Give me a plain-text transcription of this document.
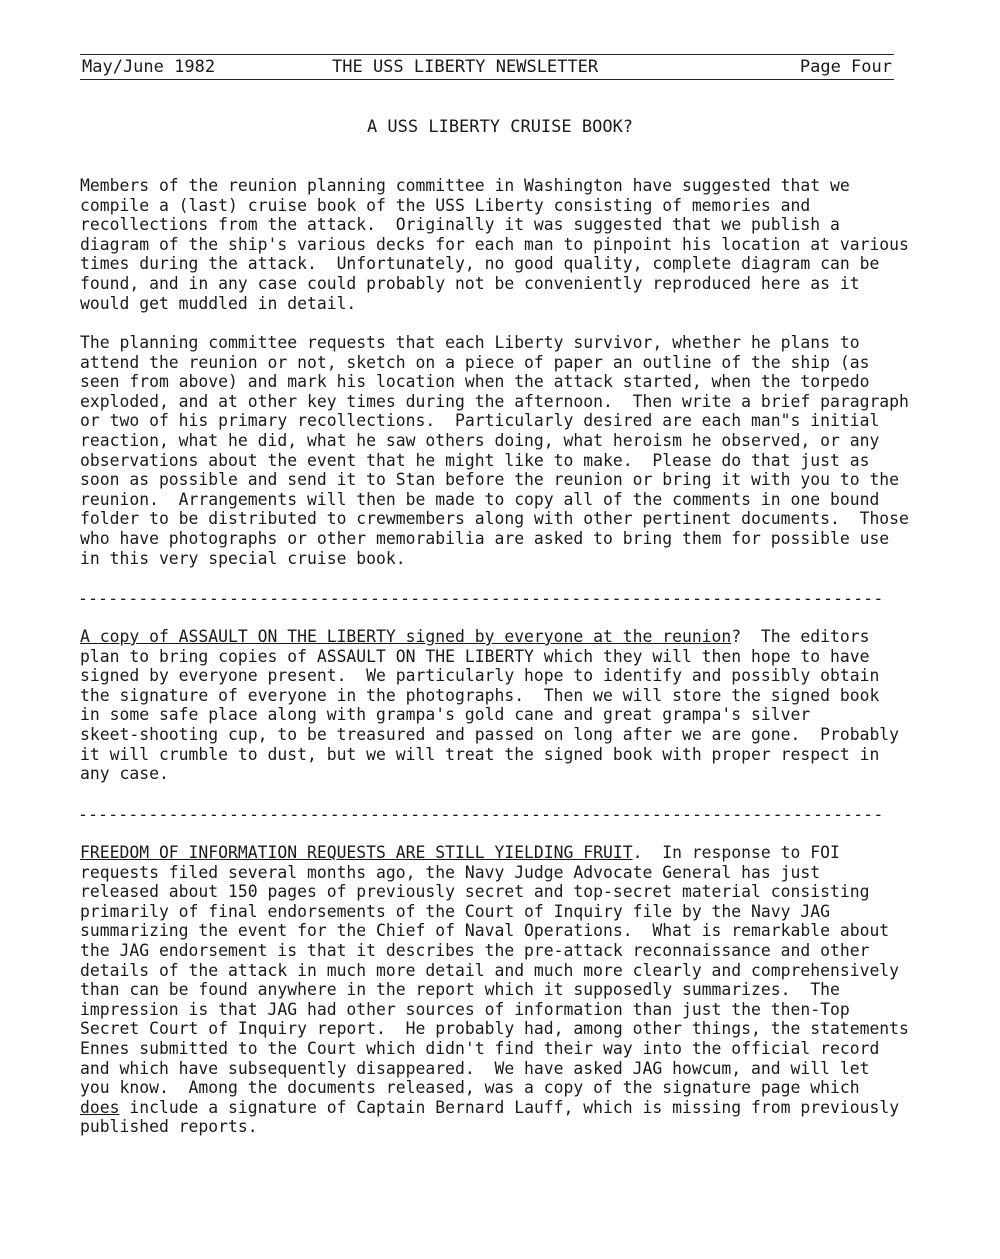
May/June 1982	THE USS LIBERTY NEWSLETTER	Page Four
A USS LIBERTY CRUISE BOOK?

Members of the reunion planning committee in Washington have suggested that we
compile a (last) cruise book of the USS Liberty consisting of memories and
recollections from the attack.  Originally it was suggested that we publish a
diagram of the ship's various decks for each man to pinpoint his location at various
times during the attack.  Unfortunately, no good quality, complete diagram can be
found, and in any case could probably not be conveniently reproduced here as it
would get muddled in detail.

The planning committee requests that each Liberty survivor, whether he plans to
attend the reunion or not, sketch on a piece of paper an outline of the ship (as
seen from above) and mark his location when the attack started, when the torpedo
exploded, and at other key times during the afternoon.  Then write a brief paragraph
or two of his primary recollections.  Particularly desired are each man"s initial
reaction, what he did, what he saw others doing, what heroism he observed, or any
observations about the event that he might like to make.  Please do that just as
soon as possible and send it to Stan before the reunion or bring it with you to the
reunion.  Arrangements will then be made to copy all of the comments in one bound
folder to be distributed to crewmembers along with other pertinent documents.  Those
who have photographs or other memorabilia are asked to bring them for possible use
in this very special cruise book.

--------------------------------------------------------------------------------

A copy of ASSAULT ON THE LIBERTY signed by everyone at the reunion?  The editors
plan to bring copies of ASSAULT ON THE LIBERTY which they will then hope to have
signed by everyone present.  We particularly hope to identify and possibly obtain
the signature of everyone in the photographs.  Then we will store the signed book
in some safe place along with grampa's gold cane and great grampa's silver
skeet-shooting cup, to be treasured and passed on long after we are gone.  Probably
it will crumble to dust, but we will treat the signed book with proper respect in
any case.

--------------------------------------------------------------------------------

FREEDOM OF INFORMATION REQUESTS ARE STILL YIELDING FRUIT.  In response to FOI
requests filed several months ago, the Navy Judge Advocate General has just
released about 150 pages of previously secret and top-secret material consisting
primarily of final endorsements of the Court of Inquiry file by the Navy JAG
summarizing the event for the Chief of Naval Operations.  What is remarkable about
the JAG endorsement is that it describes the pre-attack reconnaissance and other
details of the attack in much more detail and much more clearly and comprehensively
than can be found anywhere in the report which it supposedly summarizes.  The
impression is that JAG had other sources of information than just the then-Top
Secret Court of Inquiry report.  He probably had, among other things, the statements
Ennes submitted to the Court which didn't find their way into the official record
and which have subsequently disappeared.  We have asked JAG howcum, and will let
you know.  Among the documents released, was a copy of the signature page which
does include a signature of Captain Bernard Lauff, which is missing from previously
published reports.
